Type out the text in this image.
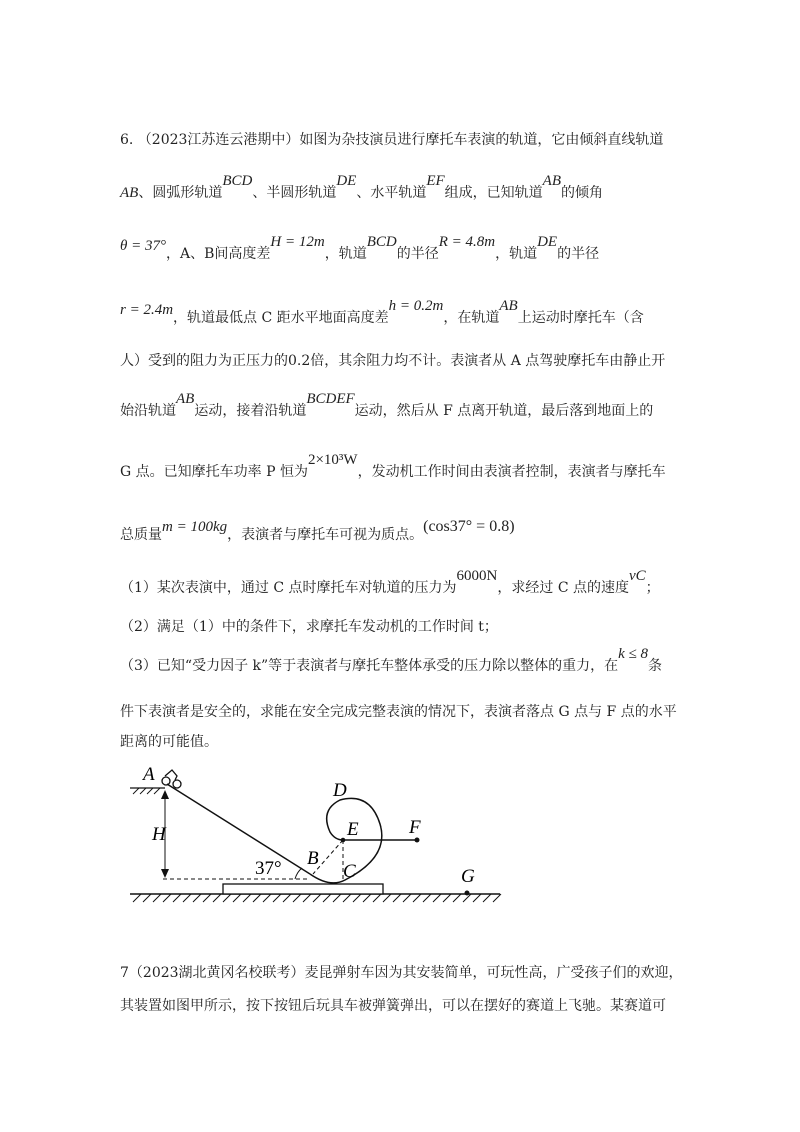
6. （2023江苏连云港期中）如图为杂技演员进行摩托车表演的轨道，它由倾斜直线轨道
AB、圆弧形轨道BCD、半圆形轨道DE、水平轨道EF组成，已知轨道AB的倾角
θ = 37°，A、B间高度差H = 12m，轨道BCD的半径R = 4.8m，轨道DE的半径
r = 2.4m，轨道最低点 C 距水平地面高度差h = 0.2m，在轨道AB上运动时摩托车（含
人）受到的阻力为正压力的0.2倍，其余阻力均不计。表演者从 A 点驾驶摩托车由静止开
始沿轨道AB运动，接着沿轨道BCDEF运动，然后从 F 点离开轨道，最后落到地面上的
G 点。已知摩托车功率 P 恒为2×10³W，发动机工作时间由表演者控制，表演者与摩托车
总质量m = 100kg，表演者与摩托车可视为质点。(cos37° = 0.8)
（1）某次表演中，通过 C 点时摩托车对轨道的压力为6000N，求经过 C 点的速度vC；
（2）满足（1）中的条件下，求摩托车发动机的工作时间 t；
（3）已知“受力因子 k”等于表演者与摩托车整体承受的压力除以整体的重力，在k ≤ 8条
件下表演者是安全的，求能在安全完成完整表演的情况下，表演者落点 G 点与 F 点的水平
距离的可能值。
A
H
37° B
C
D
E	F
G
7（2023湖北黄冈名校联考）麦昆弹射车因为其安装简单，可玩性高，广受孩子们的欢迎，
其装置如图甲所示，按下按钮后玩具车被弹簧弹出，可以在摆好的赛道上飞驰。某赛道可
